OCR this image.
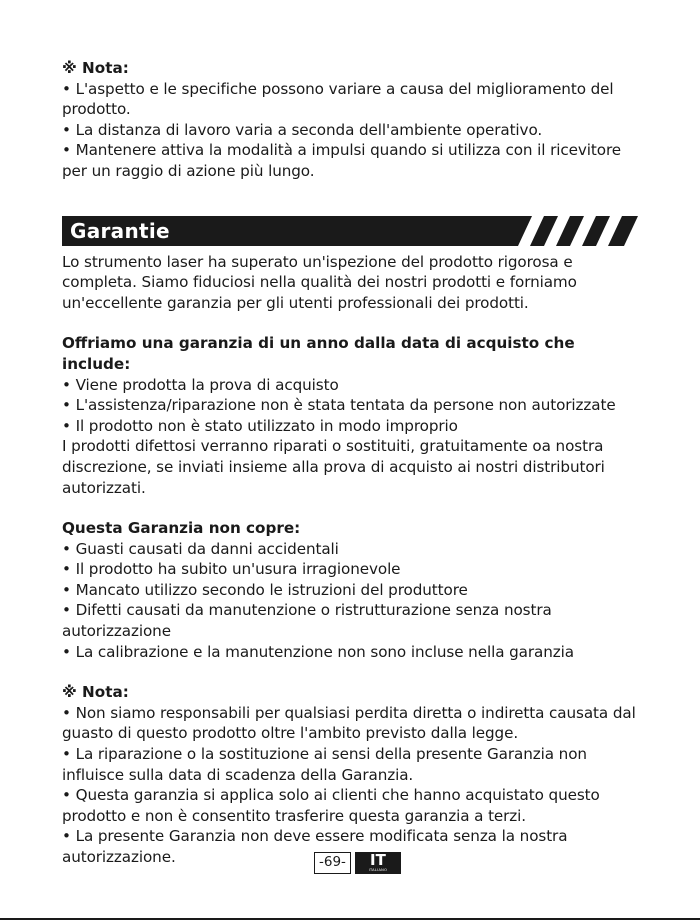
※ Nota:

• L'aspetto e le specifiche possono variare a causa del miglioramento del prodotto.

• La distanza di lavoro varia a seconda dell'ambiente operativo.

• Mantenere attiva la modalità a impulsi quando si utilizza con il ricevitore per un raggio di azione più lungo.

Garantie

Lo strumento laser ha superato un'ispezione del prodotto rigorosa e completa. Siamo fiduciosi nella qualità dei nostri prodotti e forniamo un'eccellente garanzia per gli utenti professionali dei prodotti.

Offriamo una garanzia di un anno dalla data di acquisto che include:

• Viene prodotta la prova di acquisto

• L'assistenza/riparazione non è stata tentata da persone non autorizzate

• Il prodotto non è stato utilizzato in modo improprio

I prodotti difettosi verranno riparati o sostituiti, gratuitamente oa nostra discrezione, se inviati insieme alla prova di acquisto ai nostri distributori autorizzati.

Questa Garanzia non copre:

• Guasti causati da danni accidentali

• Il prodotto ha subito un'usura irragionevole

• Mancato utilizzo secondo le istruzioni del produttore

• Difetti causati da manutenzione o ristrutturazione senza nostra autorizzazione

• La calibrazione e la manutenzione non sono incluse nella garanzia

※ Nota:

• Non siamo responsabili per qualsiasi perdita diretta o indiretta causata dal guasto di questo prodotto oltre l'ambito previsto dalla legge.

• La riparazione o la sostituzione ai sensi della presente Garanzia non influisce sulla data di scadenza della Garanzia.

• Questa garanzia si applica solo ai clienti che hanno acquistato questo prodotto e non è consentito trasferire questa garanzia a terzi.

• La presente Garanzia non deve essere modificata senza la nostra autorizzazione.	-69-	IT
ITALIANO
